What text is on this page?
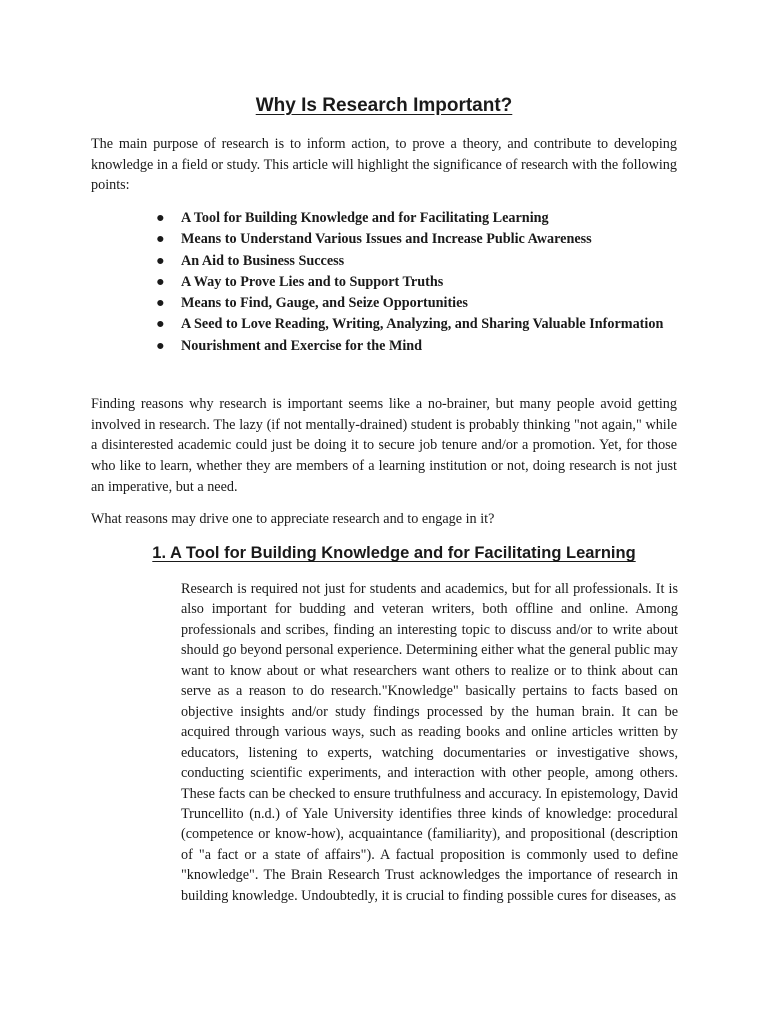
Why Is Research Important?

The main purpose of research is to inform action, to prove a theory, and contribute to developing knowledge in a field or study. This article will highlight the significance of research with the following points:

● A Tool for Building Knowledge and for Facilitating Learning
● Means to Understand Various Issues and Increase Public Awareness
● An Aid to Business Success
● A Way to Prove Lies and to Support Truths
● Means to Find, Gauge, and Seize Opportunities
● A Seed to Love Reading, Writing, Analyzing, and Sharing Valuable Information
● Nourishment and Exercise for the Mind

Finding reasons why research is important seems like a no-brainer, but many people avoid getting involved in research. The lazy (if not mentally-drained) student is probably thinking "not again," while a disinterested academic could just be doing it to secure job tenure and/or a promotion. Yet, for those who like to learn, whether they are members of a learning institution or not, doing research is not just an imperative, but a need.

What reasons may drive one to appreciate research and to engage in it?

1. A Tool for Building Knowledge and for Facilitating Learning

Research is required not just for students and academics, but for all professionals. It is also important for budding and veteran writers, both offline and online. Among professionals and scribes, finding an interesting topic to discuss and/or to write about should go beyond personal experience. Determining either what the general public may want to know about or what researchers want others to realize or to think about can serve as a reason to do research."Knowledge" basically pertains to facts based on objective insights and/or study findings processed by the human brain. It can be acquired through various ways, such as reading books and online articles written by educators, listening to experts, watching documentaries or investigative shows, conducting scientific experiments, and interaction with other people, among others. These facts can be checked to ensure truthfulness and accuracy. In epistemology, David Truncellito (n.d.) of Yale University identifies three kinds of knowledge: procedural (competence or know-how), acquaintance (familiarity), and propositional (description of "a fact or a state of affairs"). A factual proposition is commonly used to define "knowledge". The Brain Research Trust acknowledges the importance of research in building knowledge. Undoubtedly, it is crucial to finding possible cures for diseases, as
